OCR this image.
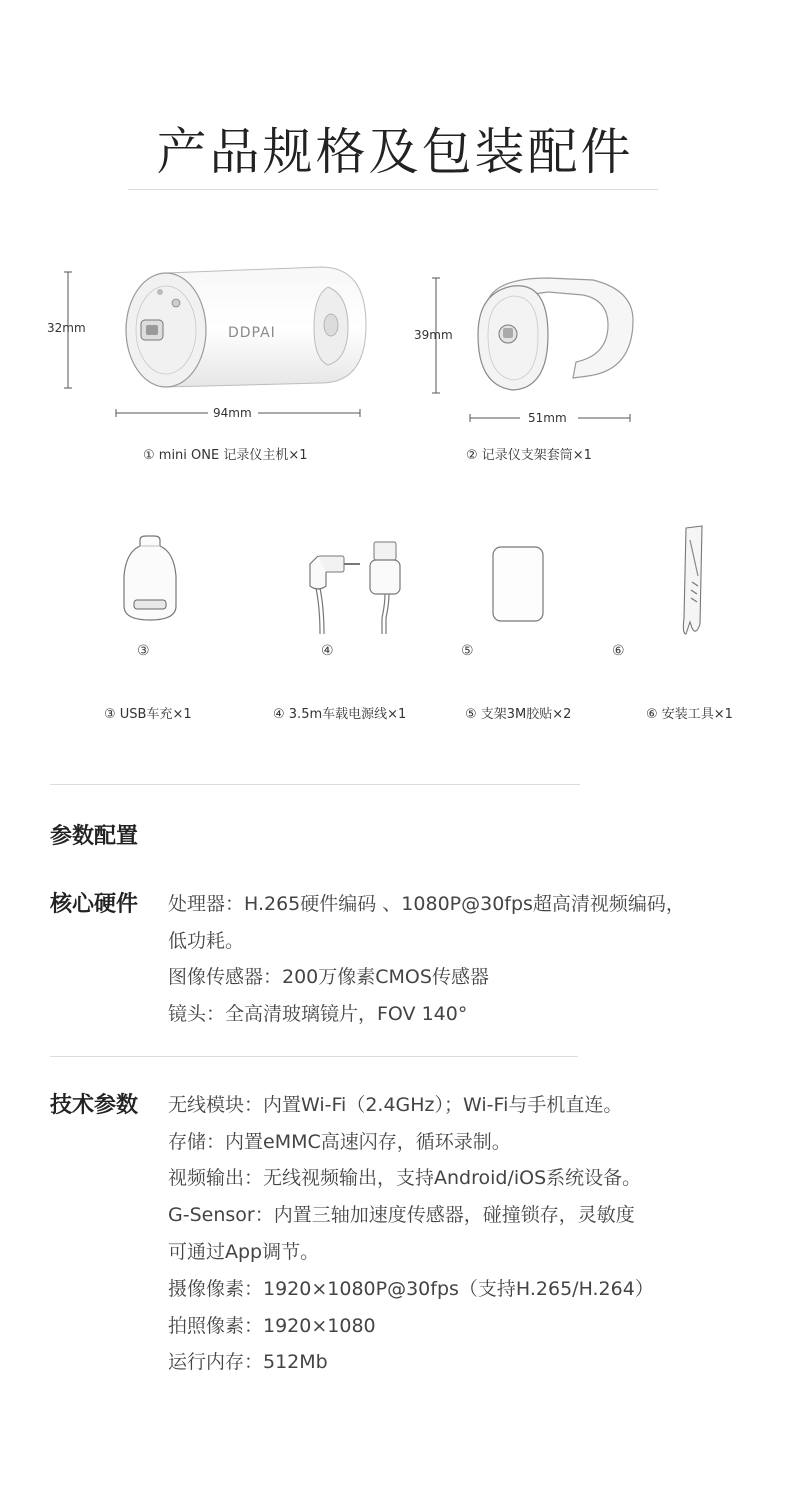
产品规格及包装配件
DDPAI
32mm
94mm
① mini ONE 记录仪主机×1
39mm
51mm
② 记录仪支架套筒×1
③
③ USB车充×1
④
④ 3.5m车载电源线×1
⑤
⑤ 支架3M胶贴×2
⑥
⑥ 安装工具×1
参数配置
核心硬件 处理器：H.265硬件编码 、1080P@30fps超高清视频编码，
低功耗。
图像传感器：200万像素CMOS传感器
镜头：全高清玻璃镜片，FOV 140°
技术参数 无线模块：内置Wi-Fi（2.4GHz）；Wi-Fi与手机直连。
存储：内置eMMC高速闪存，循环录制。
视频输出：无线视频输出，支持Android/iOS系统设备。
G-Sensor：内置三轴加速度传感器，碰撞锁存，灵敏度
可通过App调节。
摄像像素：1920×1080P@30fps（支持H.265/H.264）
拍照像素：1920×1080
运行内存：512Mb
